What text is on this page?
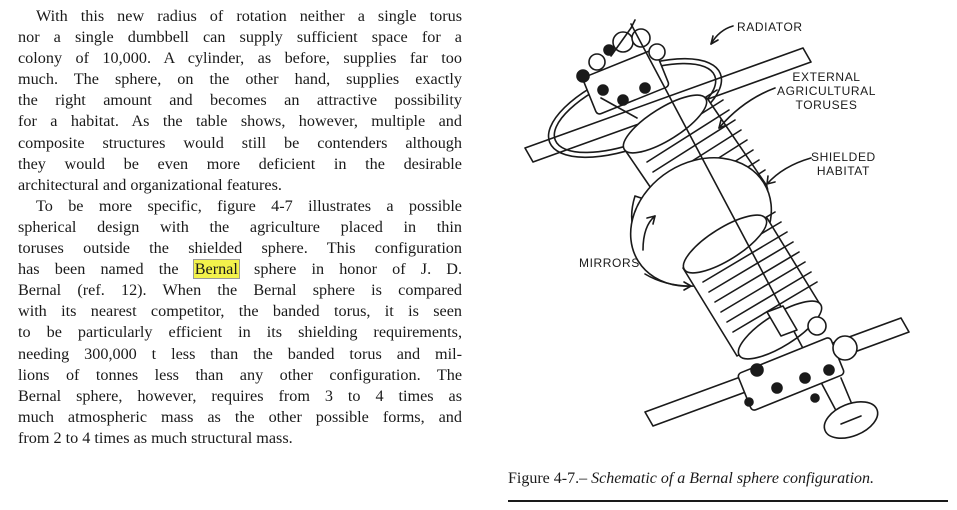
With this new radius of rotation neither a single torus
nor a single dumbbell can supply sufficient space for a
colony of 10,000. A cylinder, as before, supplies far too
much. The sphere, on the other hand, supplies exactly
the right amount and becomes an attractive possibility
for a habitat. As the table shows, however, multiple and
composite structures would still be contenders although
they would be even more deficient in the desirable
architectural and organizational features.
To be more specific, figure 4-7 illustrates a possible
spherical design with the agriculture placed in thin
toruses outside the shielded sphere. This configuration
has been named the Bernal sphere in honor of J. D.
Bernal (ref. 12). When the Bernal sphere is compared
with its nearest competitor, the banded torus, it is seen
to be particularly efficient in its shielding requirements,
needing 300,000 t less than the banded torus and mil-
lions of tonnes less than any other configuration. The
Bernal sphere, however, requires from 3 to 4 times as
much atmospheric mass as the other possible forms, and
from 2 to 4 times as much structural mass.
RADIATOR
EXTERNAL
AGRICULTURAL
TORUSES
SHIELDED
HABITAT
MIRRORS
Figure 4-7.– Schematic of a Bernal sphere configuration.
